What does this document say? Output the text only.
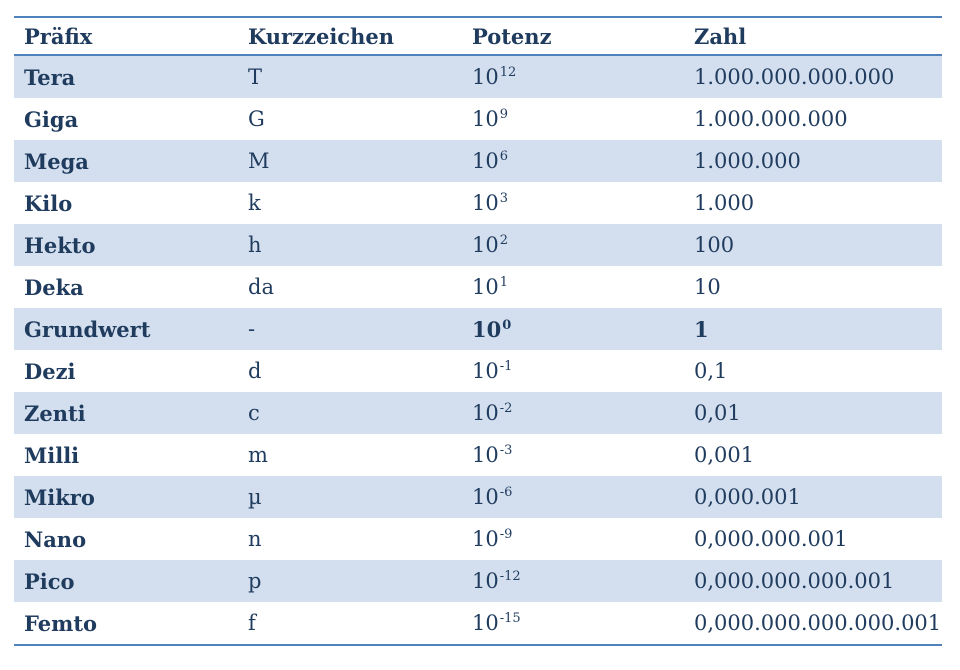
Präfix	Kurzzeichen	Potenz	Zahl
Tera	T	$10^{12}$	1.000.000.000.000
Giga	G	$10^9$	1.000.000.000
Mega	M	$10^6$	1.000.000
Kilo	k	$10^3$	1.000
Hekto	h	$10^2$	100
Deka	da	$10^1$	10
Grundwert	-	$10^0$	1
Dezi	d	$10^{-1}$	0,1
Zenti	c	$10^{-2}$	0,01
Milli	m	$10^{-3}$	0,001
Mikro	µ	$10^{-6}$	0,000.001
Nano	n	$10^{-9}$	0,000.000.001
Pico	p	$10^{-12}$	0,000.000.000.001
Femto	f	$10^{-15}$	0,000.000.000.000.001
